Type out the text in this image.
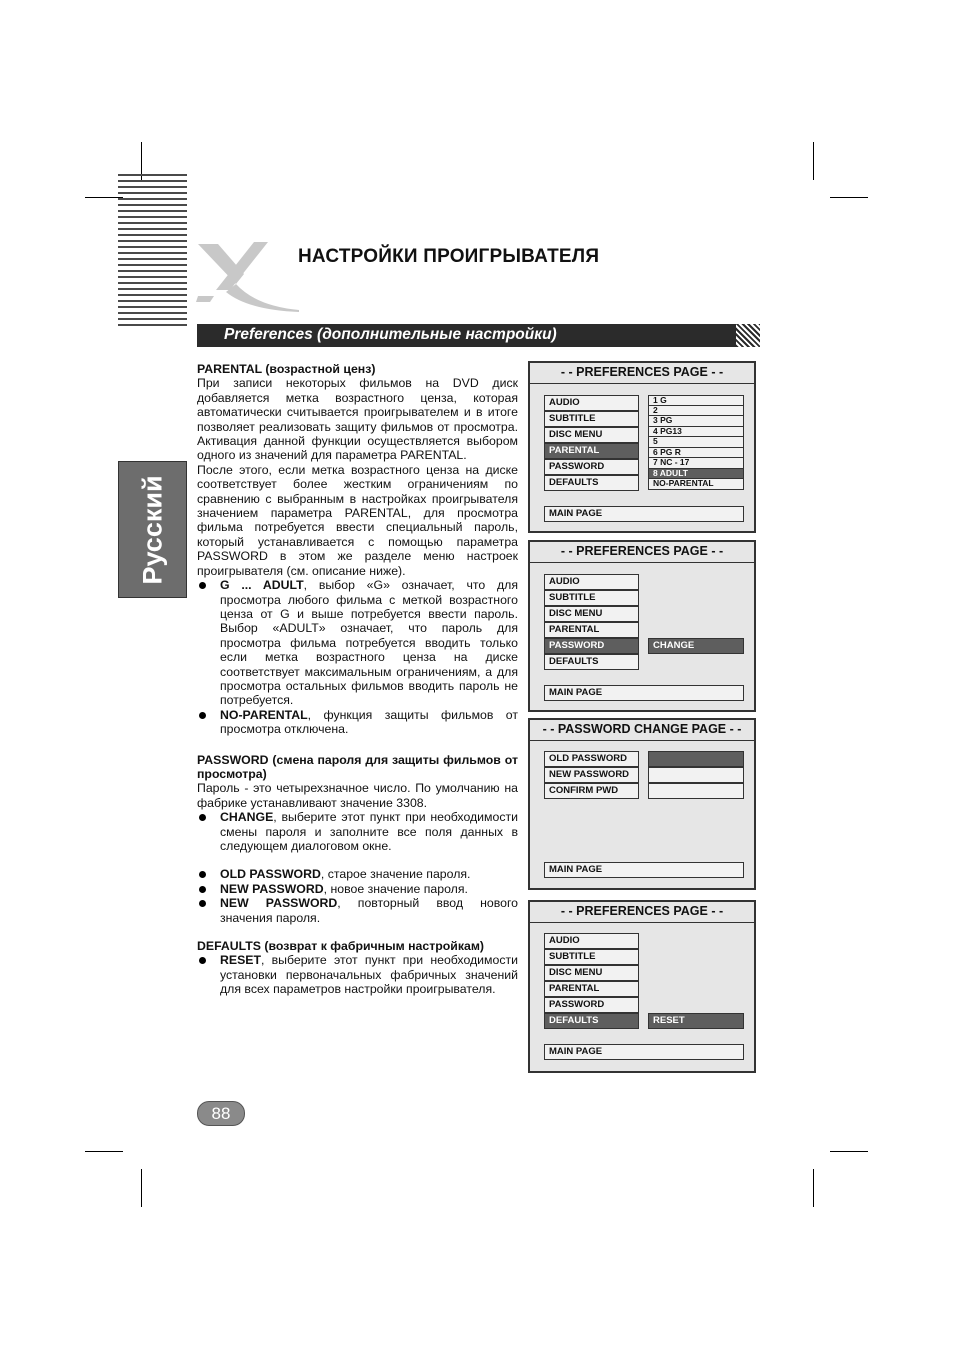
НАСТРОЙКИ ПРОИГРЫВАТЕЛЯ
Preferences (дополнительные настройки)
Русский

PARENTAL (возрастной ценз)

При записи некоторых фильмов на DVD диск добавляется метка возрастного ценза, которая автоматически считывается проигрывателем и в итоге позволяет реализовать защиту фильмов от просмотра. Активация данной функции осуществляется выбором одного из значений для параметра PARENTAL.

После этого, если метка возрастного ценза на диске соответствует более жестким ограничениям по сравнению с выбранным в настройках проигрывателя значением параметра PARENTAL, для просмотра фильма потребуется ввести специальный пароль, который устанавливается с помощью параметра PASSWORD в этом же разделе меню настроек проигрывателя (см. описание ниже).

G ... ADULT, выбор «G» означает, что для просмотра любого фильма с меткой возрастного ценза от G и выше потребуется ввести пароль. Выбор «ADULT» означает, что пароль для просмотра фильма потребуется вводить только если метка возрастного ценза на диске соответствует максимальным ограничениям, а для просмотра остальных фильмов вводить пароль не потребуется.

NO-PARENTAL, функция защиты фильмов от просмотра отключена.

PASSWORD (смена пароля для защиты фильмов от просмотра)

Пароль - это четырехзначное число. По умолчанию на фабрике устанавливают значение 3308.

CHANGE, выберите этот пункт при необходимости смены пароля и заполните все поля данных в следующем диалоговом окне.

OLD PASSWORD, старое значение пароля.

NEW PASSWORD, новое значение пароля.

NEW PASSWORD, повторный ввод нового значения пароля.

DEFAULTS (возврат к фабричным настройкам)

RESET, выберите этот пункт при необходимости установки первоначальных фабричных значений для всех параметров настройки проигрывателя.

- - PREFERENCES PAGE - -
AUDIO
SUBTITLE
DISC MENU
PARENTAL
PASSWORD
DEFAULTS
1 G
2
3 PG
4 PG13
5
6 PG R
7 NC - 17
8 ADULT
NO-PARENTAL
MAIN PAGE
- - PREFERENCES PAGE - -
AUDIO
SUBTITLE
DISC MENU
PARENTAL
PASSWORD
DEFAULTS
CHANGE
MAIN PAGE
- - PASSWORD CHANGE PAGE - -
OLD PASSWORD
NEW PASSWORD
CONFIRM PWD
MAIN PAGE
- - PREFERENCES PAGE - -
AUDIO
SUBTITLE
DISC MENU
PARENTAL
PASSWORD
DEFAULTS	RESET
MAIN PAGE
88
